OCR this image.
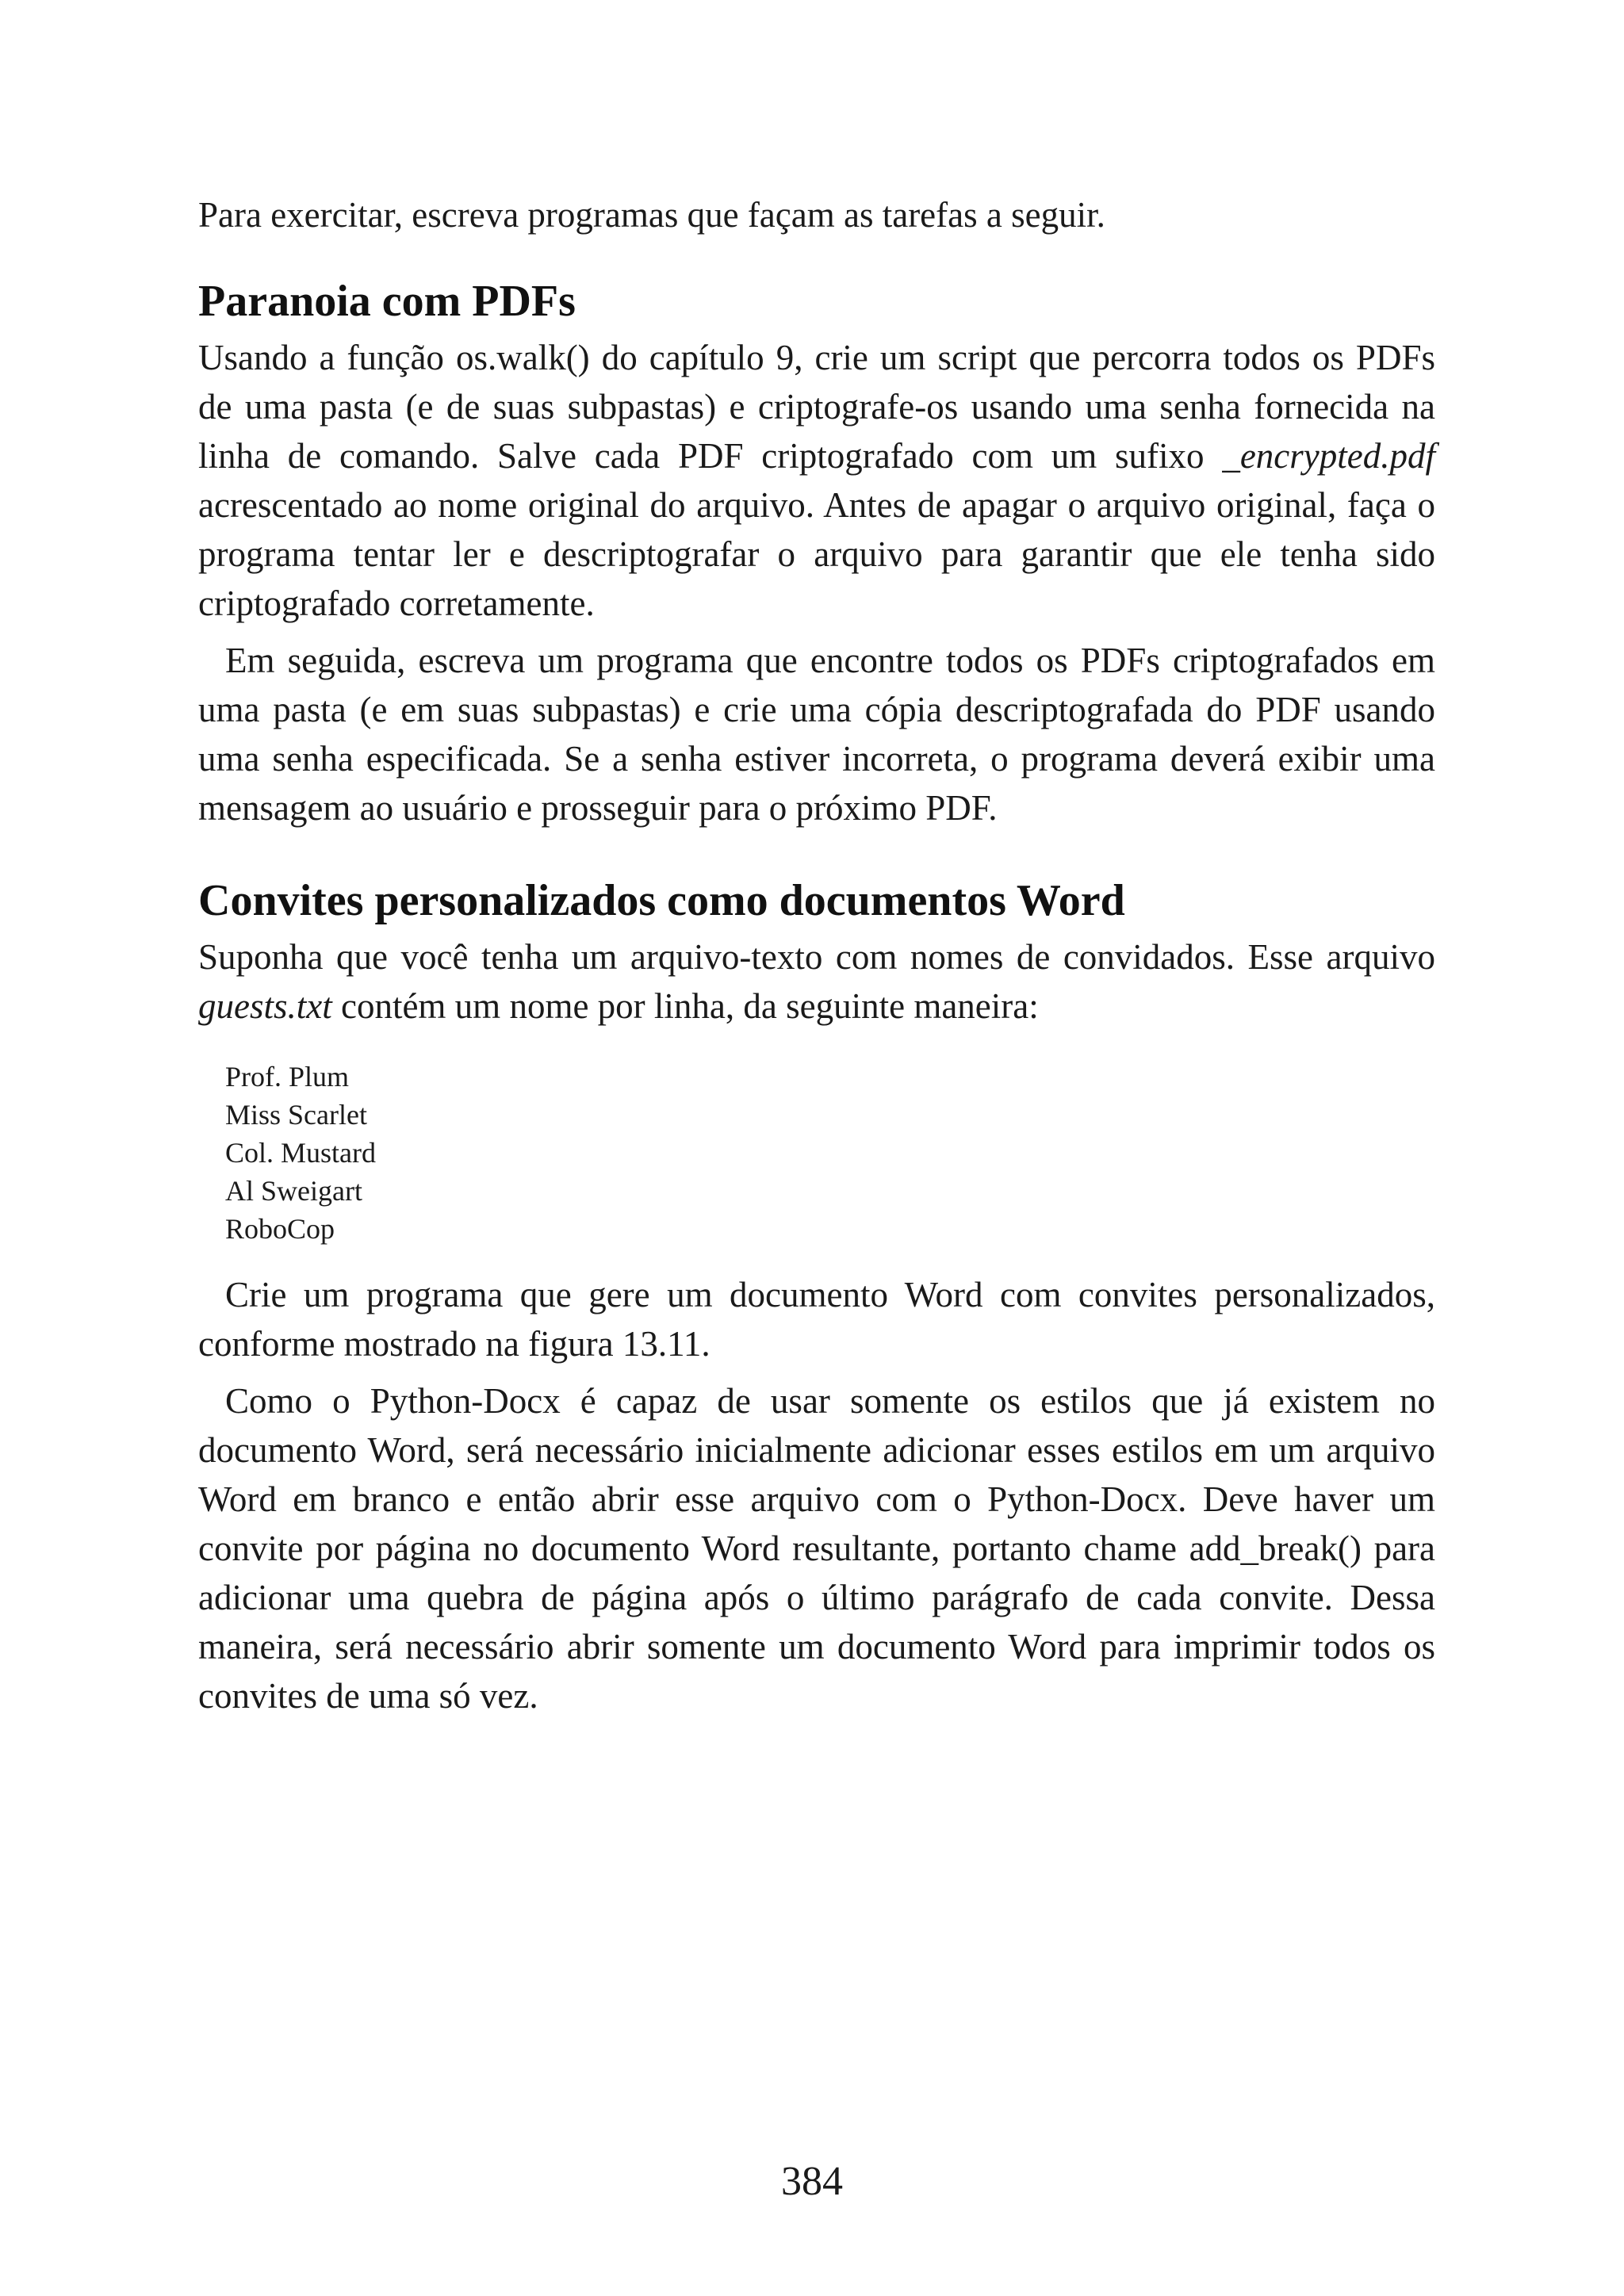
Para exercitar, escreva programas que façam as tarefas a seguir.

Paranoia com PDFs

Usando a função os.walk() do capítulo 9, crie um script que percorra todos os PDFs de uma pasta (e de suas subpastas) e criptografe-os usando uma senha fornecida na linha de comando. Salve cada PDF criptografado com um sufixo _encrypted.pdf acrescentado ao nome original do arquivo. Antes de apagar o arquivo original, faça o programa tentar ler e descriptografar o arquivo para garantir que ele tenha sido criptografado corretamente.

Em seguida, escreva um programa que encontre todos os PDFs criptografados em uma pasta (e em suas subpastas) e crie uma cópia descriptografada do PDF usando uma senha especificada. Se a senha estiver incorreta, o programa deverá exibir uma mensagem ao usuário e prosseguir para o próximo PDF.

Convites personalizados como documentos Word

Suponha que você tenha um arquivo-texto com nomes de convidados. Esse arquivo guests.txt contém um nome por linha, da seguinte maneira:

Prof. Plum
Miss Scarlet
Col. Mustard
Al Sweigart
RoboCop

Crie um programa que gere um documento Word com convites personalizados, conforme mostrado na figura 13.11.

Como o Python-Docx é capaz de usar somente os estilos que já existem no documento Word, será necessário inicialmente adicionar esses estilos em um arquivo Word em branco e então abrir esse arquivo com o Python-Docx. Deve haver um convite por página no documento Word resultante, portanto chame add_break() para adicionar uma quebra de página após o último parágrafo de cada convite. Dessa maneira, será necessário abrir somente um documento Word para imprimir todos os convites de uma só vez.

384
